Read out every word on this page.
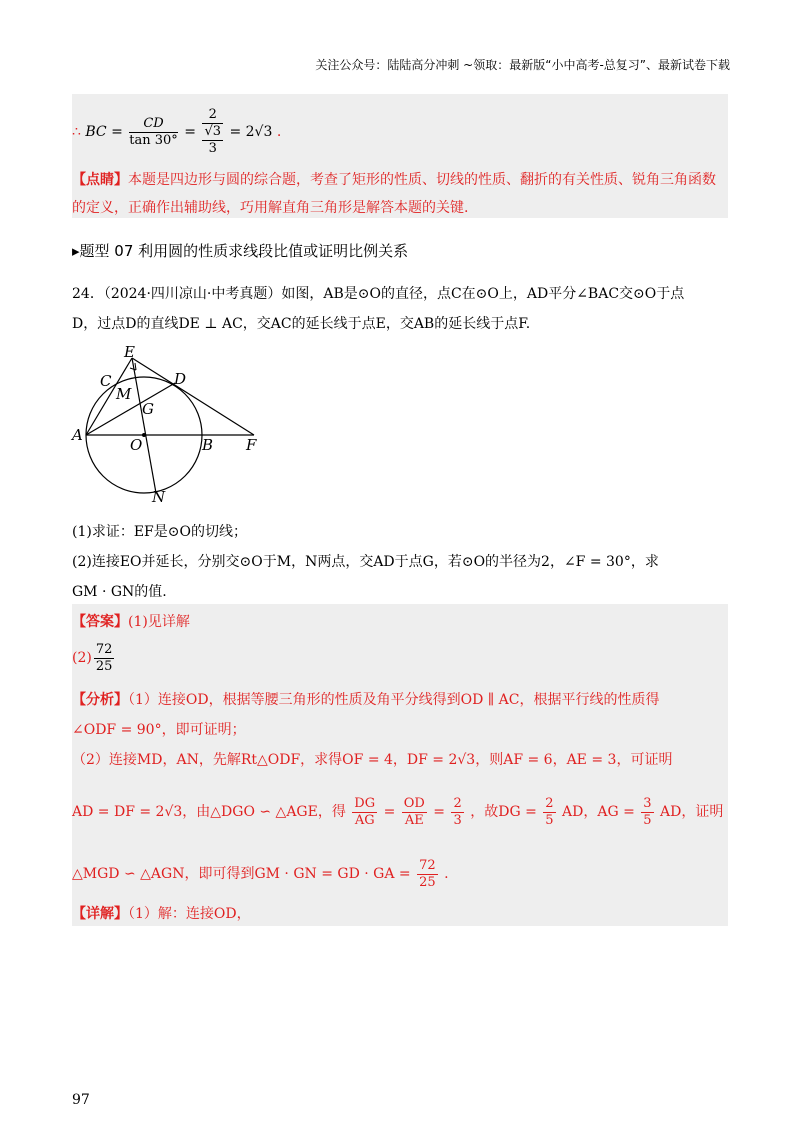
关注公众号：陆陆高分冲刺 ~领取：最新版“小中高考-总复习”、最新试卷下载
∴ BC = $\frac{CD}{\tan 30^\circ} = 2$
√3
3 = 2√3 .
【点睛】本题是四边形与圆的综合题，考查了矩形的性质、切线的性质、翻折的有关性质、锐角三角函数
的定义，正确作出辅助线，巧用解直角三角形是解答本题的关键.
▸题型 07 利用圆的性质求线段比值或证明比例关系
24．（2024·四川凉山·中考真题）如图，AB是⊙O的直径，点C在⊙O上，AD平分∠BAC交⊙O于点
D，过点D的直线DE ⊥ AC，交AC的延长线于点E，交AB的延长线于点F.
E
C	D
M
G
A
O	B F
N
(1)求证：EF是⊙O的切线；
(2)连接EO并延长，分别交⊙O于M，N两点，交AD于点G，若⊙O的半径为2，∠F = 30°，求
GM · GN的值.
【答案】(1)见详解
$(2) \frac{72}{25}$
【分析】（1）连接OD，根据等腰三角形的性质及角平分线得到OD ∥ AC，根据平行线的性质得
∠ODF = 90°，即可证明；
（2）连接MD，AN，先解Rt△ODF，求得OF = 4，DF = 2√3，则AF = 6，AE = 3，可证明
AD = DF = 2√3，由△DGO ∽ △AGE，得 $\frac{DG}{AG} = \frac{OD}{AE} = \frac{2}{3}$ ，故DG = $\frac{2}{5}$ AD，AG = $\frac{3}{5}$ AD，证明
△MGD ∽ △AGN，即可得到GM · GN = GD · GA = $\frac{72}{25}$ .
【详解】（1）解：连接OD，
97
